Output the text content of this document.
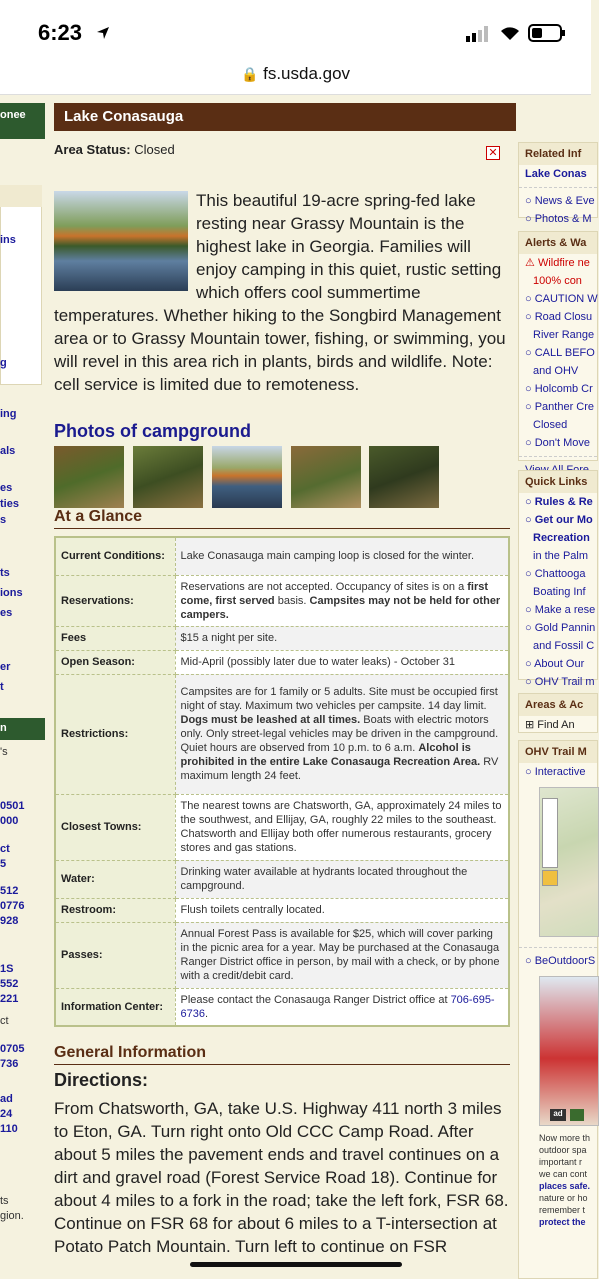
6:23
🔒 fs.usda.gov
onee
ins
g
ing
als
es
ties
s
ts
ions
es
er
t
n
's
0501
000
ct
5
512
0776
928
1S
552
221
ct
0705
736
ad
24
110
ts
gion.
Lake Conasauga
Area Status: Closed	✕
This beautiful 19-acre spring-fed lake resting near Grassy Mountain is the highest lake in Georgia. Families will enjoy camping in this quiet, rustic setting which offers cool summertime temperatures. Whether hiking to the Songbird Management area or to Grassy Mountain tower, fishing, or swimming, you will revel in this area rich in plants, birds and wildlife. Note: cell service is limited due to remoteness.
Photos of campground
At a Glance
Current Conditions:	Lake Conasauga main camping loop is closed for the winter.
Reservations:	Reservations are not accepted. Occupancy of sites is on a first come, first served basis. Campsites may not be held for other campers.
Fees	$15 a night per site.
Open Season:	Mid-April (possibly later due to water leaks) - October 31
Restrictions:	Campsites are for 1 family or 5 adults. Site must be occupied first night of stay. Maximum two vehicles per campsite. 14 day limit. Dogs must be leashed at all times. Boats with electric motors only. Only street-legal vehicles may be driven in the campground. Quiet hours are observed from 10 p.m. to 6 a.m. Alcohol is prohibited in the entire Lake Conasauga Recreation Area. RV maximum length 24 feet.
Closest Towns:	The nearest towns are Chatsworth, GA, approximately 24 miles to the southwest, and Ellijay, GA, roughly 22 miles to the southeast. Chatsworth and Ellijay both offer numerous restaurants, grocery stores and gas stations.
Water:	Drinking water available at hydrants located throughout the campground.
Restroom:	Flush toilets centrally located.
Passes:	Annual Forest Pass is available for $25, which will cover parking in the picnic area for a year. May be purchased at the Conasauga Ranger District office in person, by mail with a check, or by phone with a credit/debit card.
Information Center:	Please contact the Conasauga Ranger District office at 706-695-6736.
General Information
Directions:
From Chatsworth, GA, take U.S. Highway 411 north 3 miles to Eton, GA. Turn right onto Old CCC Camp Road. After about 5 miles the pavement ends and travel continues on a dirt and gravel road (Forest Service Road 18). Continue for about 4 miles to a fork in the road; take the left fork, FSR 68. Continue on FSR 68 for about 6 miles to a T-intersection at Potato Patch Mountain. Turn left to continue on FSR
Related Inf
Lake Conas
○ News & Eve
○ Photos & M
Alerts & Wa
⚠ Wildfire ne
100% con
○ CAUTION W
○ Road Closu
River Range
○ CALL BEFO
and OHV
○ Holcomb Cr
○ Panther Cre
Closed
○ Don't Move
Quick Links
○ Rules & Re
○ Get our Mo
Recreation
in the Palm
○ Chattooga
Boating Inf
○ Make a rese
○ Gold Pannin
and Fossil C
○ About Our
○ OHV Trail m
Areas & Ac
⊞ Find An
OHV Trail M
○ Interactive
○ BeOutdoorS
ad
Now more th
outdoor spa
important r
we can cont
places safe.
nature or ho
remember t
protect the
